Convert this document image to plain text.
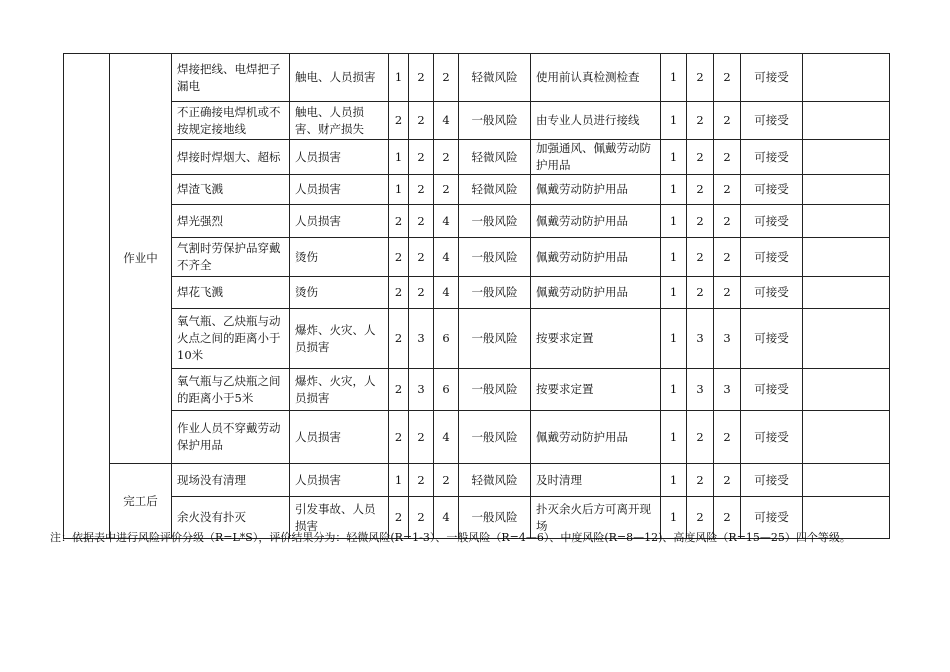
	作业中	焊接把线、电焊把子漏电	触电、人员损害	1	2	2	轻微风险	使用前认真检测检查	1	2	2	可接受	
		不正确接电焊机或不按规定接地线	触电、人员损害、财产损失	2	2	4	一般风险	由专业人员进行接线	1	2	2	可接受	
		焊接时焊烟大、超标	人员损害	1	2	2	轻微风险	加强通风、佩戴劳动防护用品	1	2	2	可接受	
		焊渣飞溅	人员损害	1	2	2	轻微风险	佩戴劳动防护用品	1	2	2	可接受	
		焊光强烈	人员损害	2	2	4	一般风险	佩戴劳动防护用品	1	2	2	可接受	
		气割时劳保护品穿戴不齐全	烫伤	2	2	4	一般风险	佩戴劳动防护用品	1	2	2	可接受	
		焊花飞溅	烫伤	2	2	4	一般风险	佩戴劳动防护用品	1	2	2	可接受	
		氧气瓶、乙炔瓶与动火点之间的距离小于10米	爆炸、火灾、人员损害	2	3	6	一般风险	按要求定置	1	3	3	可接受	
		氧气瓶与乙炔瓶之间的距离小于5米	爆炸、火灾，人员损害	2	3	6	一般风险	按要求定置	1	3	3	可接受	
		作业人员不穿戴劳动保护用品	人员损害	2	2	4	一般风险	佩戴劳动防护用品	1	2	2	可接受	
	完工后	现场没有清理	人员损害	1	2	2	轻微风险	及时清理	1	2	2	可接受	
		余火没有扑灭	引发事故、人员损害	2	2	4	一般风险	扑灭余火后方可离开现场	1	2	2	可接受	
注：依据表中进行风险评价分级（R=L*S），评价结果分为：轻微风险(R=1-3）、一般风险（R=4—6）、中度风险(R=8—12)、高度风险（R=15—25）四个等级。
